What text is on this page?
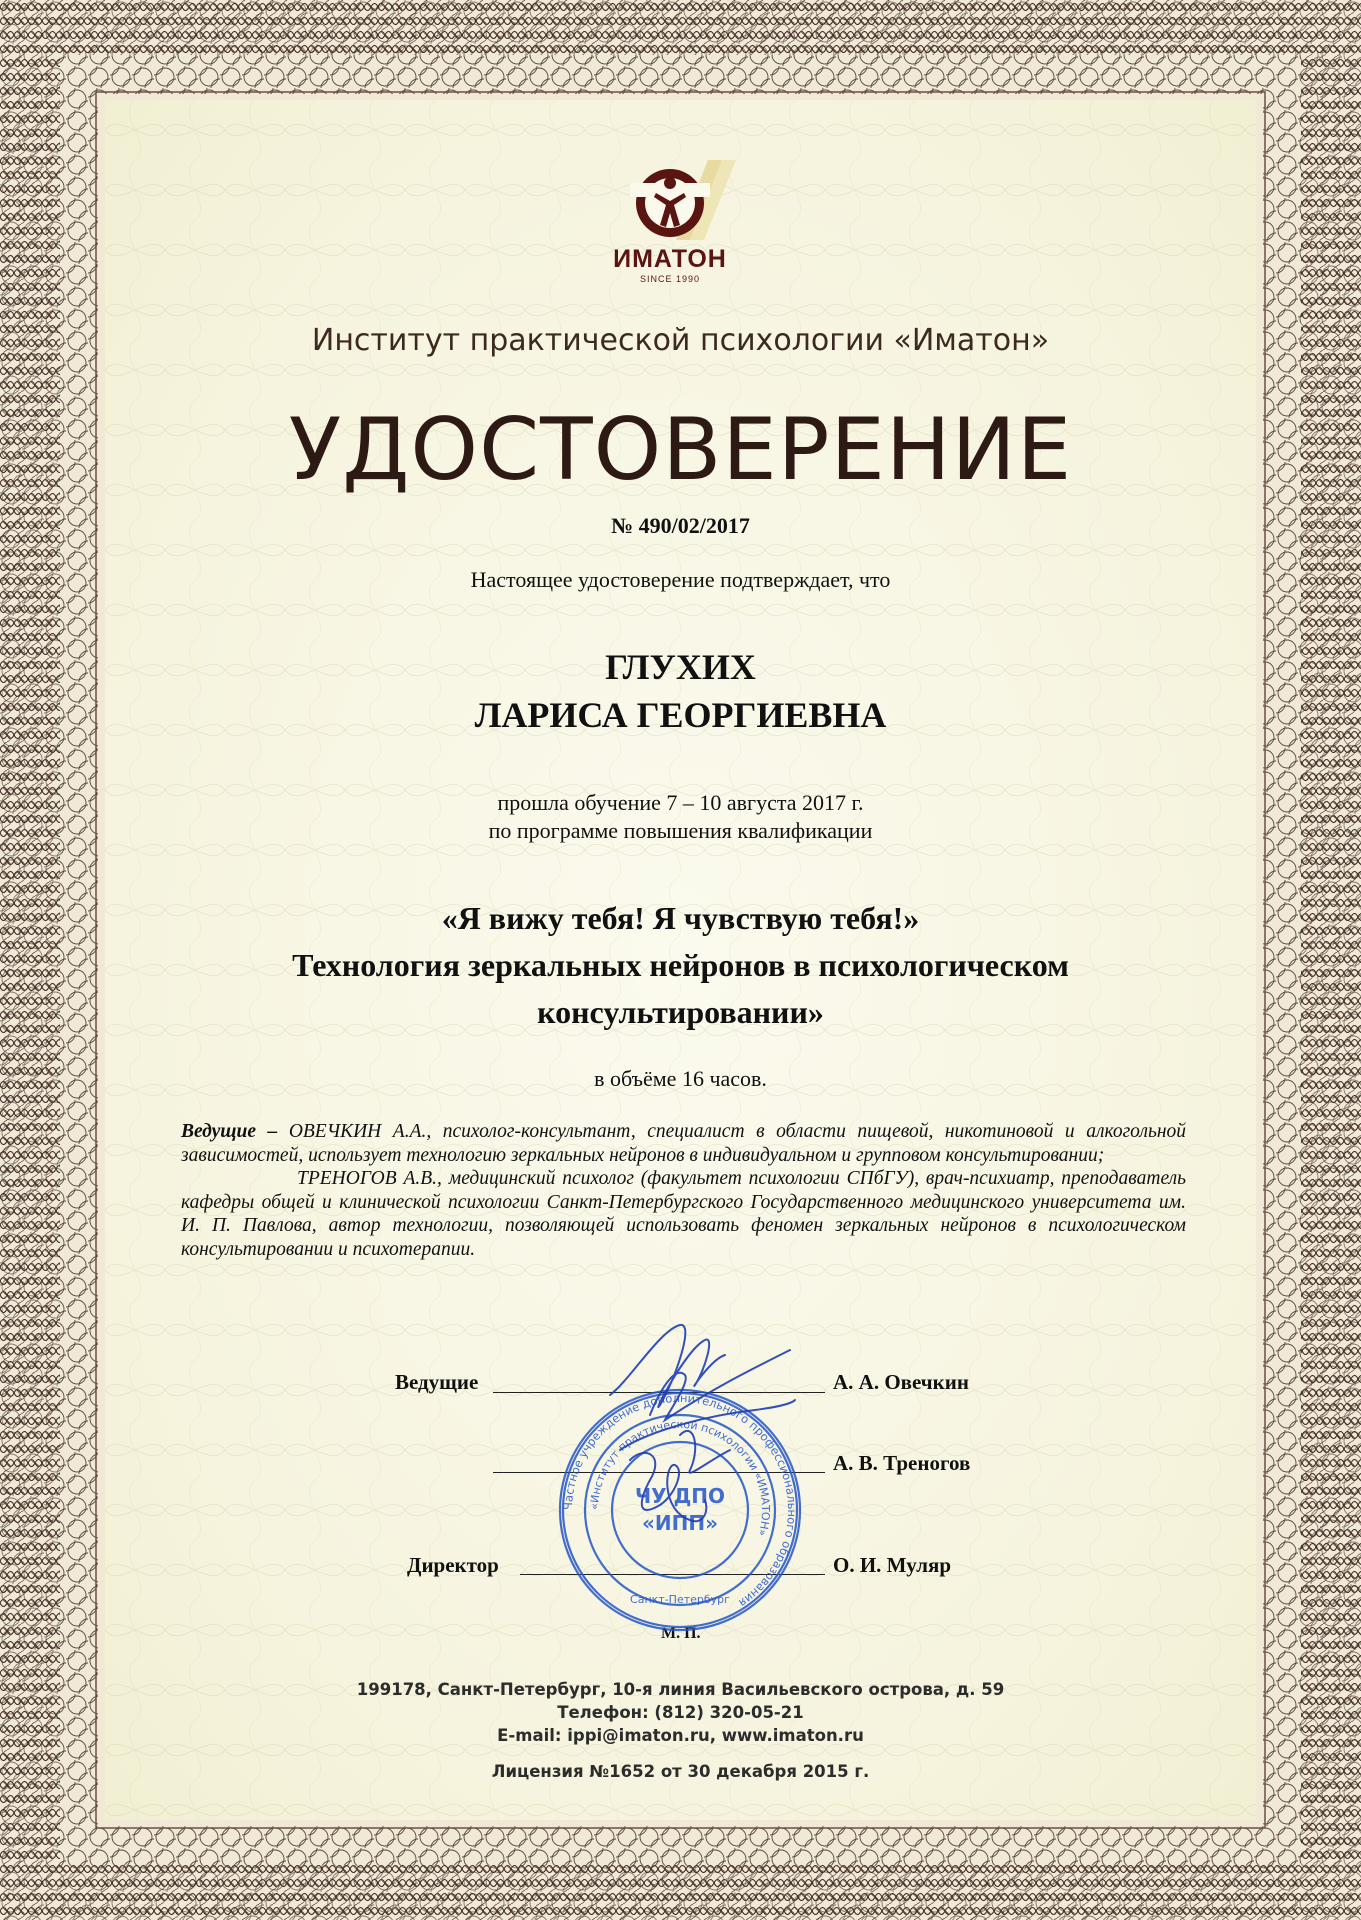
ИМАТОН
SINCE 1990
Институт практической психологии «Иматон»
УДОСТОВЕРЕНИЕ
№ 490/02/2017
Настоящее удостоверение подтверждает, что
ГЛУХИХ
ЛАРИСА ГЕОРГИЕВНА
прошла обучение 7 – 10 августа 2017 г.
по программе повышения квалификации
«Я вижу тебя! Я чувствую тебя!»
Технология зеркальных нейронов в психологическом
консультировании»
в объёме 16 часов.

Ведущие – ОВЕЧКИН А.А., психолог-консультант, специалист в области пищевой, никотиновой и алкогольной зависимостей, использует технологию зеркальных нейронов в индивидуальном и групповом консультировании;

ТРЕНОГОВ А.В., медицинский психолог (факультет психологии СПбГУ), врач-психиатр, преподаватель кафедры общей и клинической психологии Санкт-Петербургского Государственного медицинского университета им. И. П. Павлова, автор технологии, позволяющей использовать феномен зеркальных нейронов в психологическом консультировании и психотерапии.

Ведущие	А. А. Овечкин
А. В. Треногов
Директор	О. И. Муляр
М. П.
Частное учреждение дополнительного профессионального образования
«Институт практической психологии «ИМАТОН»
ЧУ ДПО
«ИПП»
Санкт-Петербург
199178, Санкт-Петербург, 10-я линия Васильевского острова, д. 59
Телефон: (812) 320-05-21
E-mail: ippi@imaton.ru, www.imaton.ru
Лицензия №1652 от 30 декабря 2015 г.
